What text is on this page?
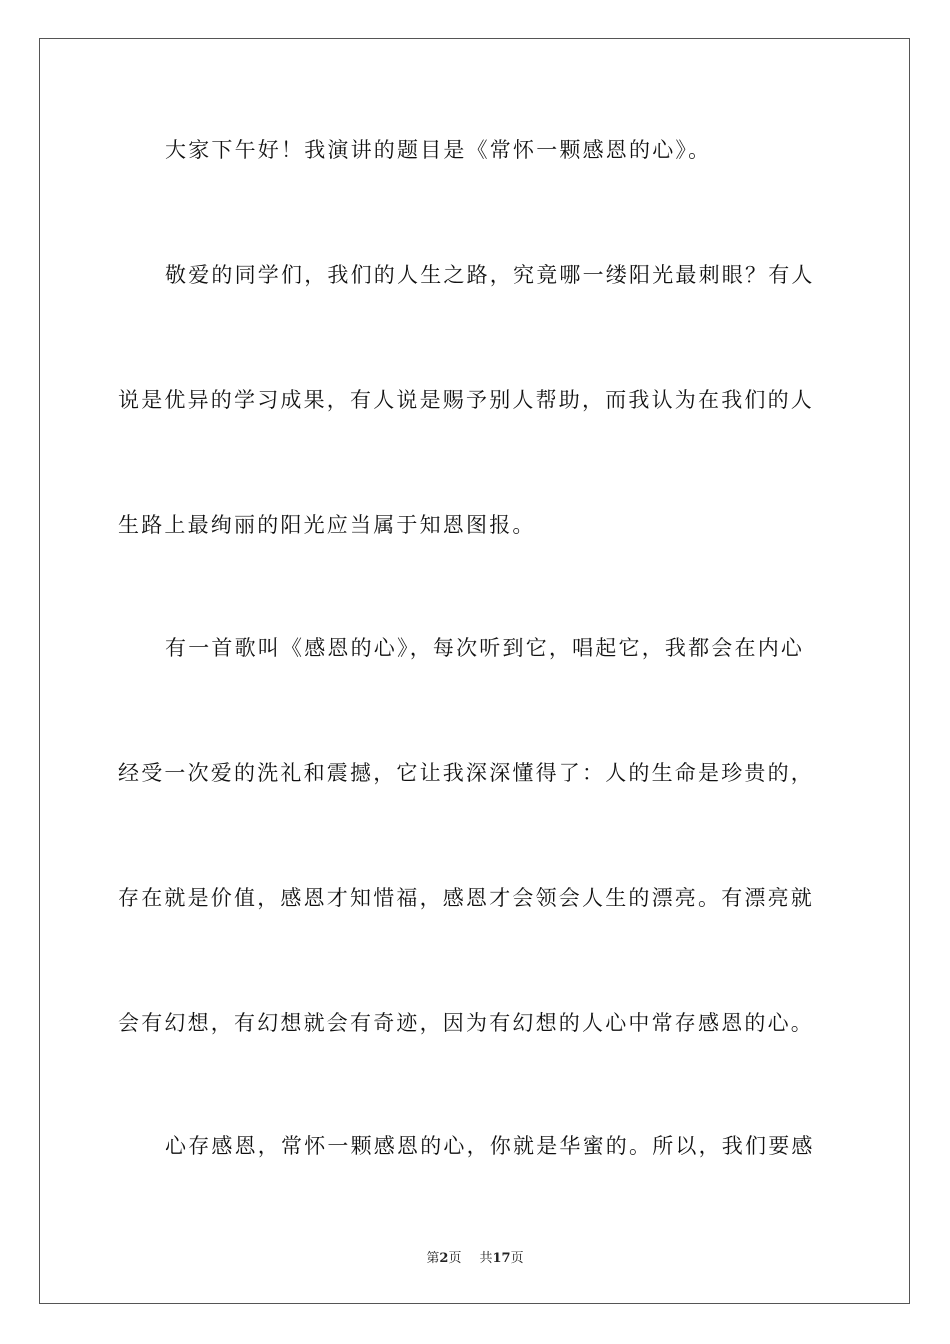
大家下午好！我演讲的题目是《常怀一颗感恩的心》。
敬爱的同学们，我们的人生之路，究竟哪一缕阳光最刺眼？有人
说是优异的学习成果，有人说是赐予别人帮助，而我认为在我们的人
生路上最绚丽的阳光应当属于知恩图报。
有一首歌叫《感恩的心》，每次听到它，唱起它，我都会在内心
经受一次爱的洗礼和震撼，它让我深深懂得了：人的生命是珍贵的，
存在就是价值，感恩才知惜福，感恩才会领会人生的漂亮。有漂亮就
会有幻想，有幻想就会有奇迹，因为有幻想的人心中常存感恩的心。
心存感恩，常怀一颗感恩的心，你就是华蜜的。所以，我们要感
第2页 共17页
